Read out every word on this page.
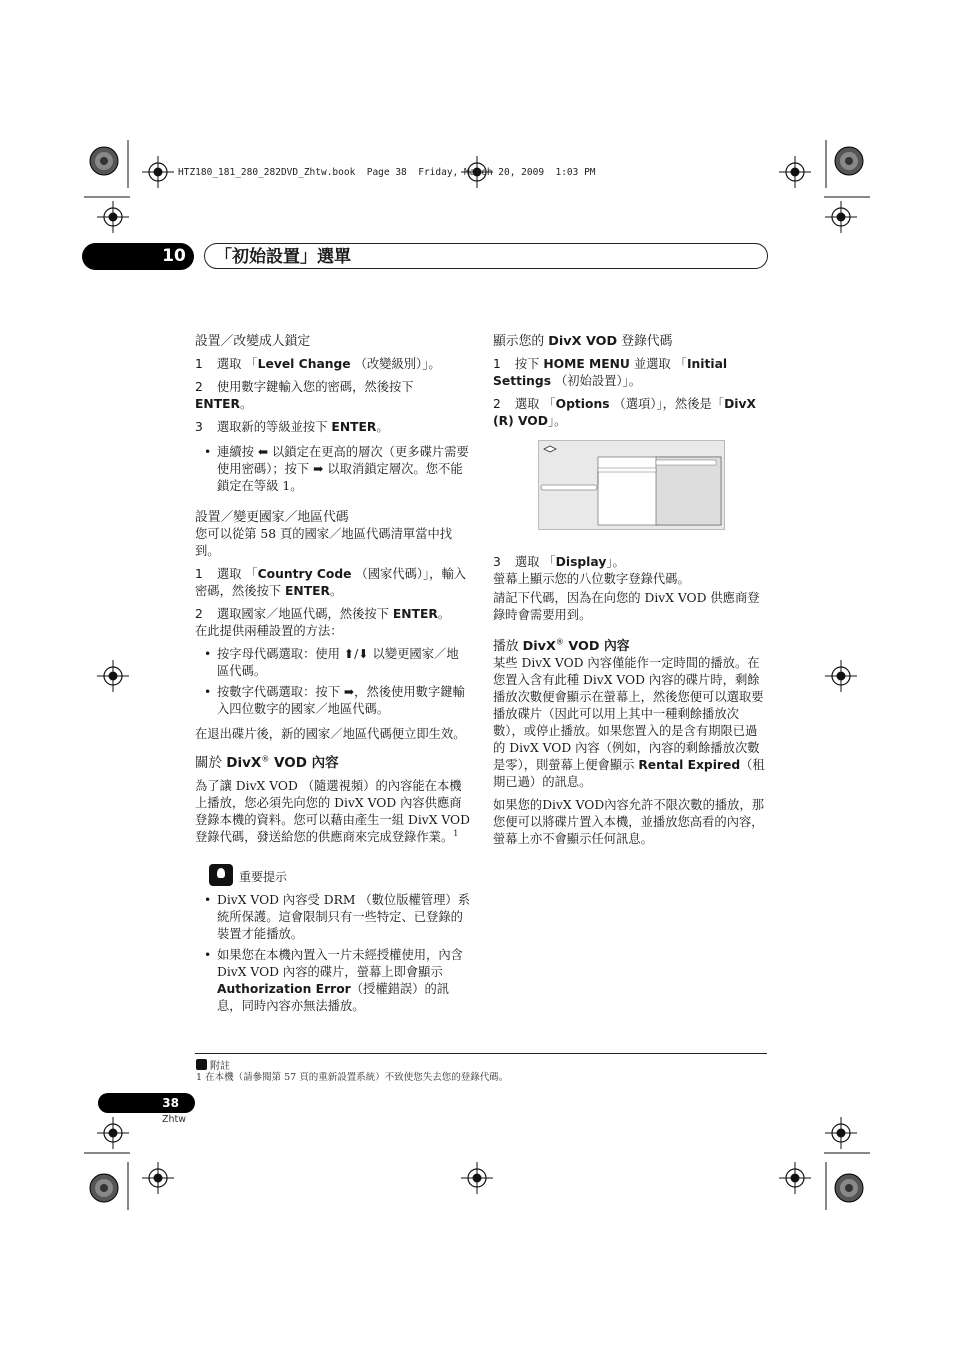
HTZ180_181_280_282DVD_Zhtw.book  Page 38  Friday, March 20, 2009  1:03 PM
10	「初始設置」選單

設置／改變成人鎖定

1 選取 「Level Change （改變級別）」。

2 使用數字鍵輸入您的密碼，然後按下 ENTER。

3 選取新的等級並按下 ENTER。

• 連續按 ⬅ 以鎖定在更高的層次（更多碟片需要使用密碼）；按下 ➡ 以取消鎖定層次。您不能鎖定在等級 1。

設置／變更國家／地區代碼

您可以從第 58 頁的國家／地區代碼清單當中找到。

1 選取 「Country Code （國家代碼）」，輸入密碼，然後按下 ENTER。

2 選取國家／地區代碼，然後按下 ENTER。

在此提供兩種設置的方法：

• 按字母代碼選取：使用 ⬆/⬇ 以變更國家／地區代碼。
• 按數字代碼選取：按下 ➡，然後使用數字鍵輸入四位數字的國家／地區代碼。

在退出碟片後，新的國家／地區代碼便立即生效。

關於 DivX® VOD 內容

為了讓 DivX VOD （隨選視頻）的內容能在本機上播放，您必須先向您的 DivX VOD 內容供應商登錄本機的資料。您可以藉由產生一組 DivX VOD 登錄代碼，發送給您的供應商來完成登錄作業。$^1$

重要提示
• DivX VOD 內容受 DRM （數位版權管理）系統所保護。這會限制只有一些特定、已登錄的裝置才能播放。
• 如果您在本機內置入一片未經授權使用，內含 DivX VOD 內容的碟片，螢幕上即會顯示 Authorization Error（授權錯誤）的訊息，同時內容亦無法播放。

顯示您的 DivX VOD 登錄代碼

1 按下 HOME MENU 並選取 「Initial Settings （初始設置）」。

2 選取 「Options （選項）」，然後是「DivX (R) VOD」。

3 選取 「Display」。

螢幕上顯示您的八位數字登錄代碼。

請記下代碼，因為在向您的 DivX VOD 供應商登錄時會需要用到。

播放 DivX® VOD 內容

某些 DivX VOD 內容僅能作一定時間的播放。在您置入含有此種 DivX VOD 內容的碟片時，剩餘播放次數便會顯示在螢幕上，然後您便可以選取要播放碟片（因此可以用上其中一種剩餘播放次數），或停止播放。如果您置入的是含有期限已過的 DivX VOD 內容（例如，內容的剩餘播放次數是零），則螢幕上便會顯示 Rental Expired（租期已過）的訊息。

如果您的DivX VOD內容允許不限次數的播放，那您便可以將碟片置入本機，並播放您高看的內容，螢幕上亦不會顯示任何訊息。

附註
1 在本機（請參閱第 57 頁的重新設置系統）不致使您失去您的登錄代碼。
38
Zhtw
